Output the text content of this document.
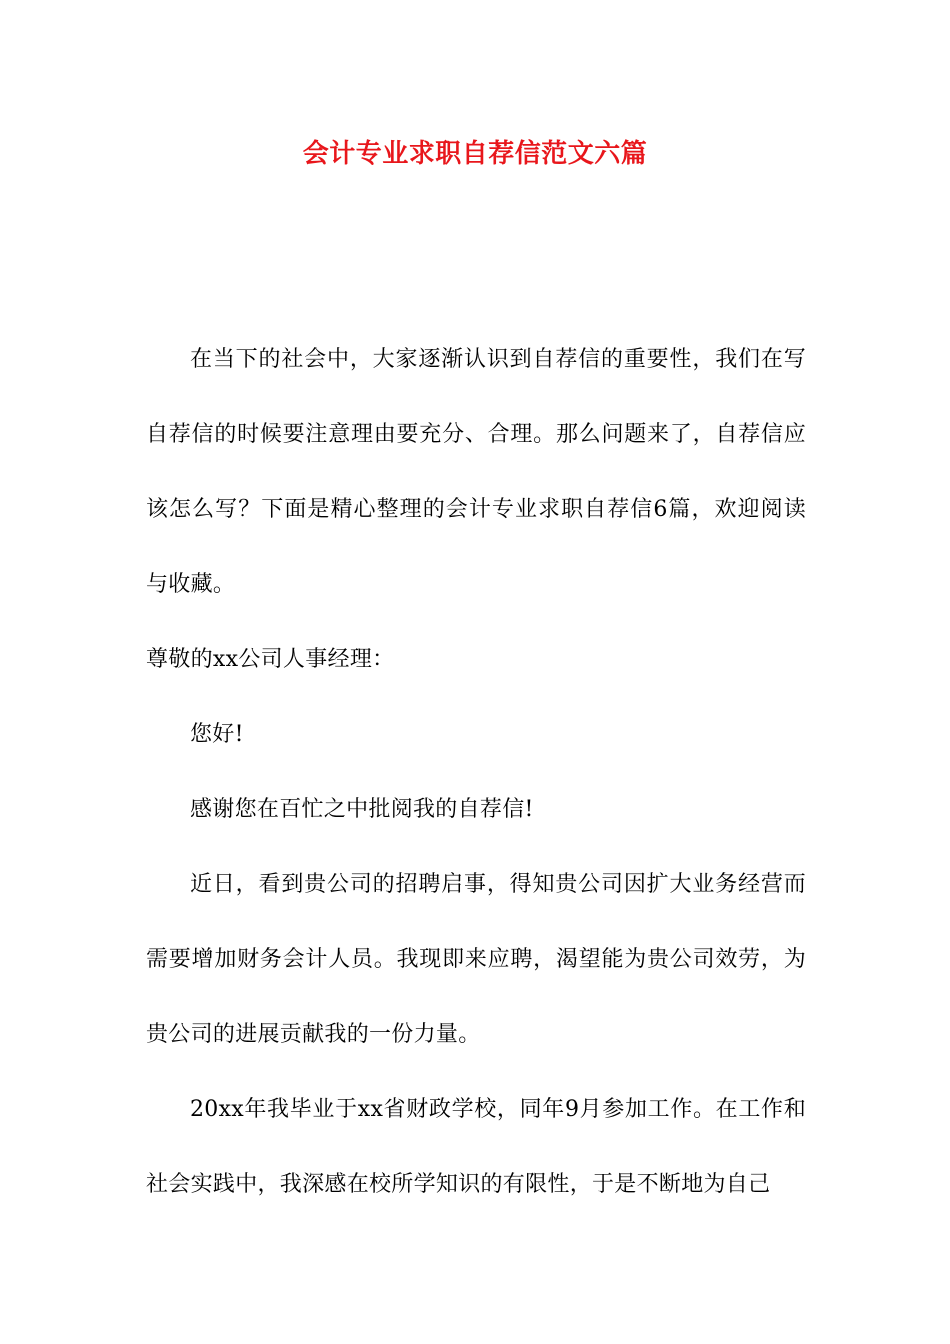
会计专业求职自荐信范文六篇

在当下的社会中，大家逐渐认识到自荐信的重要性，我们在写自荐信的时候要注意理由要充分、合理。那么问题来了，自荐信应该怎么写？下面是精心整理的会计专业求职自荐信6篇，欢迎阅读与收藏。

尊敬的xx公司人事经理：

您好!

感谢您在百忙之中批阅我的自荐信!

近日，看到贵公司的招聘启事，得知贵公司因扩大业务经营而需要增加财务会计人员。我现即来应聘，渴望能为贵公司效劳，为贵公司的进展贡献我的一份力量。

20xx年我毕业于xx省财政学校，同年9月参加工作。在工作和社会实践中，我深感在校所学知识的有限性，于是不断地为自己
